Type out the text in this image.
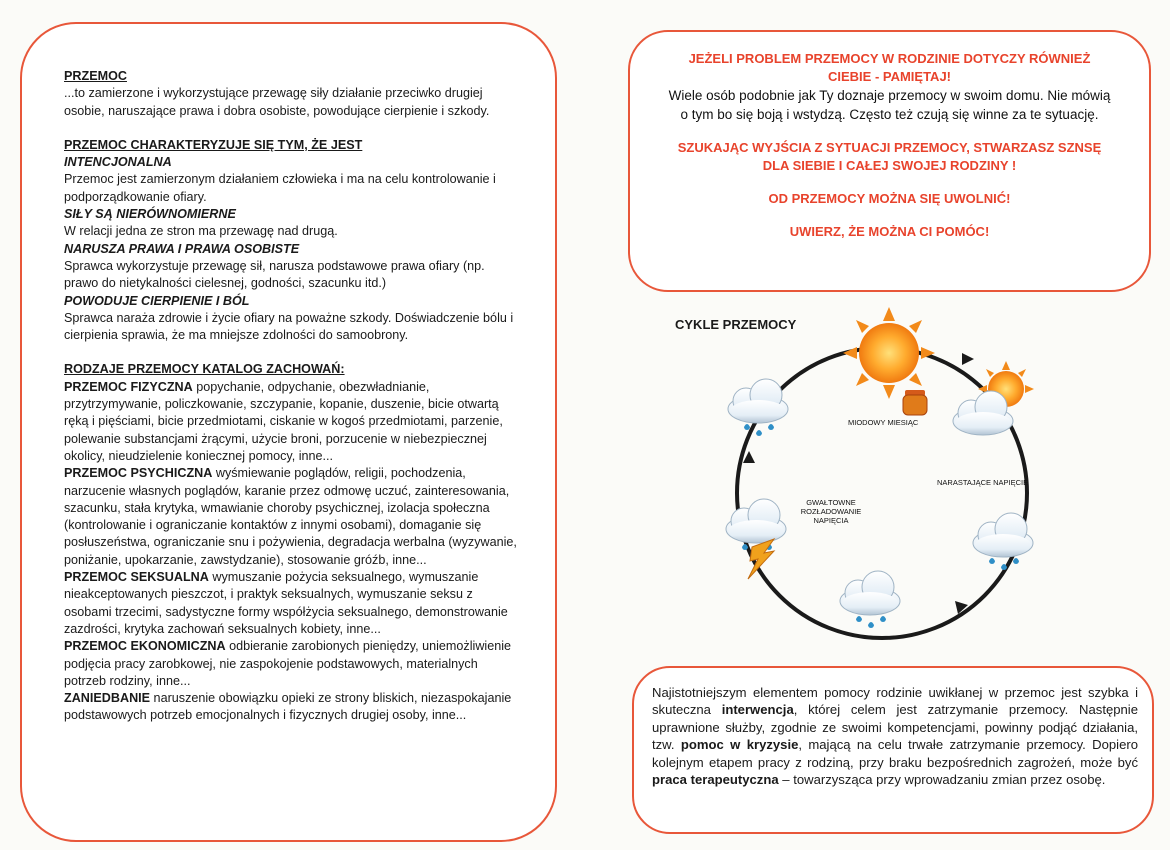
PRZEMOC
...to zamierzone i wykorzystujące przewagę siły działanie przeciwko drugiej osobie, naruszające prawa i dobra osobiste, powodujące cierpienie i szkody.
PRZEMOC CHARAKTERYZUJE SIĘ TYM, ŻE JEST
INTENCJONALNA
Przemoc jest zamierzonym działaniem człowieka i ma na celu kontrolowanie i podporządkowanie ofiary.
SIŁY SĄ NIERÓWNOMIERNE
W relacji jedna ze stron ma przewagę nad drugą.
NARUSZA PRAWA I PRAWA OSOBISTE
Sprawca wykorzystuje przewagę sił, narusza podstawowe prawa ofiary (np. prawo do nietykalności cielesnej, godności, szacunku itd.)
POWODUJE CIERPIENIE I BÓL
Sprawca naraża zdrowie i życie ofiary na poważne szkody. Doświadczenie bólu i cierpienia sprawia, że ma mniejsze zdolności do samoobrony.
RODZAJE PRZEMOCY KATALOG ZACHOWAŃ:
PRZEMOC FIZYCZNA popychanie, odpychanie, obezwładnianie, przytrzymywanie, policzkowanie, szczypanie, kopanie, duszenie, bicie otwartą ręką i pięściami, bicie przedmiotami, ciskanie w kogoś przedmiotami, parzenie, polewanie substancjami żrącymi, użycie broni, porzucenie w niebezpiecznej okolicy, nieudzielenie koniecznej pomocy, inne...
PRZEMOC PSYCHICZNA wyśmiewanie poglądów, religii, pochodzenia, narzucenie własnych poglądów, karanie przez odmowę uczuć, zainteresowania, szacunku, stała krytyka, wmawianie choroby psychicznej, izolacja społeczna (kontrolowanie i ograniczanie kontaktów z innymi osobami), domaganie się posłuszeństwa, ograniczanie snu i pożywienia, degradacja werbalna (wyzywanie, poniżanie, upokarzanie, zawstydzanie), stosowanie gróźb, inne...
PRZEMOC SEKSUALNA wymuszanie pożycia seksualnego, wymuszanie nieakceptowanych pieszczot, i praktyk seksualnych, wymuszanie seksu z osobami trzecimi, sadystyczne formy współżycia seksualnego, demonstrowanie zazdrości, krytyka zachowań seksualnych kobiety, inne...
PRZEMOC EKONOMICZNA odbieranie zarobionych pieniędzy, uniemożliwienie podjęcia pracy zarobkowej, nie zaspokojenie podstawowych, materialnych potrzeb rodziny, inne...
ZANIEDBANIE naruszenie obowiązku opieki ze strony bliskich, niezaspokajanie podstawowych potrzeb emocjonalnych i fizycznych drugiej osoby, inne...
JEŻELI PROBLEM PRZEMOCY W RODZINIE DOTYCZY RÓWNIEŻ CIEBIE - PAMIĘTAJ!
Wiele osób podobnie jak Ty doznaje przemocy w swoim domu. Nie mówią o tym bo się boją i wstydzą. Często też czują się winne za te sytuację.
SZUKAJĄC WYJŚCIA Z SYTUACJI PRZEMOCY, STWARZASZ SZNSĘ DLA SIEBIE I CAŁEJ SWOJEJ RODZINY !
OD PRZEMOCY MOŻNA SIĘ UWOLNIĆ!
UWIERZ, ŻE MOŻNA CI POMÓC!
CYKLE PRZEMOCY
MIODOWY MIESIĄC
NARASTAJĄCE NAPIĘCIE
GWAŁTOWNE
ROZŁADOWANIE
NAPIĘCIA

Najistotniejszym elementem pomocy rodzinie uwikłanej w przemoc jest szybka i skuteczna interwencja, której celem jest zatrzymanie przemocy. Następnie uprawnione służby, zgodnie ze swoimi kompetencjami, powinny podjąć działania, tzw. pomoc w kryzysie, mającą na celu trwałe zatrzymanie przemocy. Dopiero kolejnym etapem pracy z rodziną, przy braku bezpośrednich zagrożeń, może być praca terapeutyczna – towarzysząca przy wprowadzaniu zmian przez osobę.
